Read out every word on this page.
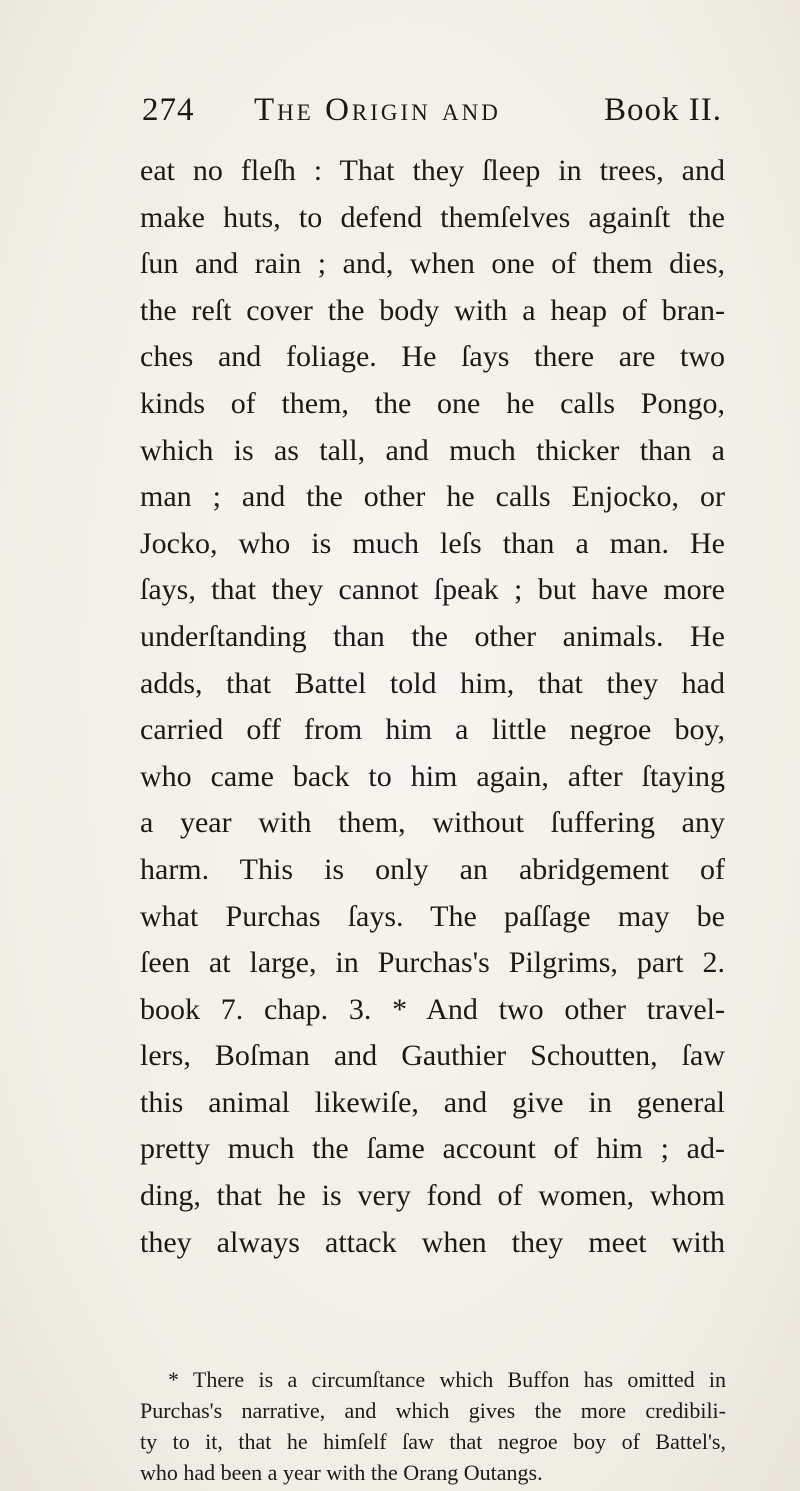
274 The Origin and	Book II.
eat no fleſh : That they ſleep in trees, and
make huts, to defend themſelves againſt the
ſun and rain ; and, when one of them dies,
the reſt cover the body with a heap of bran-
ches and foliage. He ſays there are two
kinds of them, the one he calls Pongo,
which is as tall, and much thicker than a
man ; and the other he calls Enjocko, or
Jocko, who is much leſs than a man. He
ſays, that they cannot ſpeak ; but have more
underſtanding than the other animals. He
adds, that Battel told him, that they had
carried off from him a little negroe boy,
who came back to him again, after ſtaying
a year with them, without ſuffering any
harm. This is only an abridgement of
what Purchas ſays. The paſſage may be
ſeen at large, in Purchas's Pilgrims, part 2.
book 7. chap. 3. * And two other travel-
lers, Boſman and Gauthier Schoutten, ſaw
this animal likewiſe, and give in general
pretty much the ſame account of him ; ad-
ding, that he is very fond of women, whom
they always attack when they meet with
* There is a circumſtance which Buffon has omitted in
Purchas's narrative, and which gives the more credibili-
ty to it, that he himſelf ſaw that negroe boy of Battel's,
who had been a year with the Orang Outangs.
